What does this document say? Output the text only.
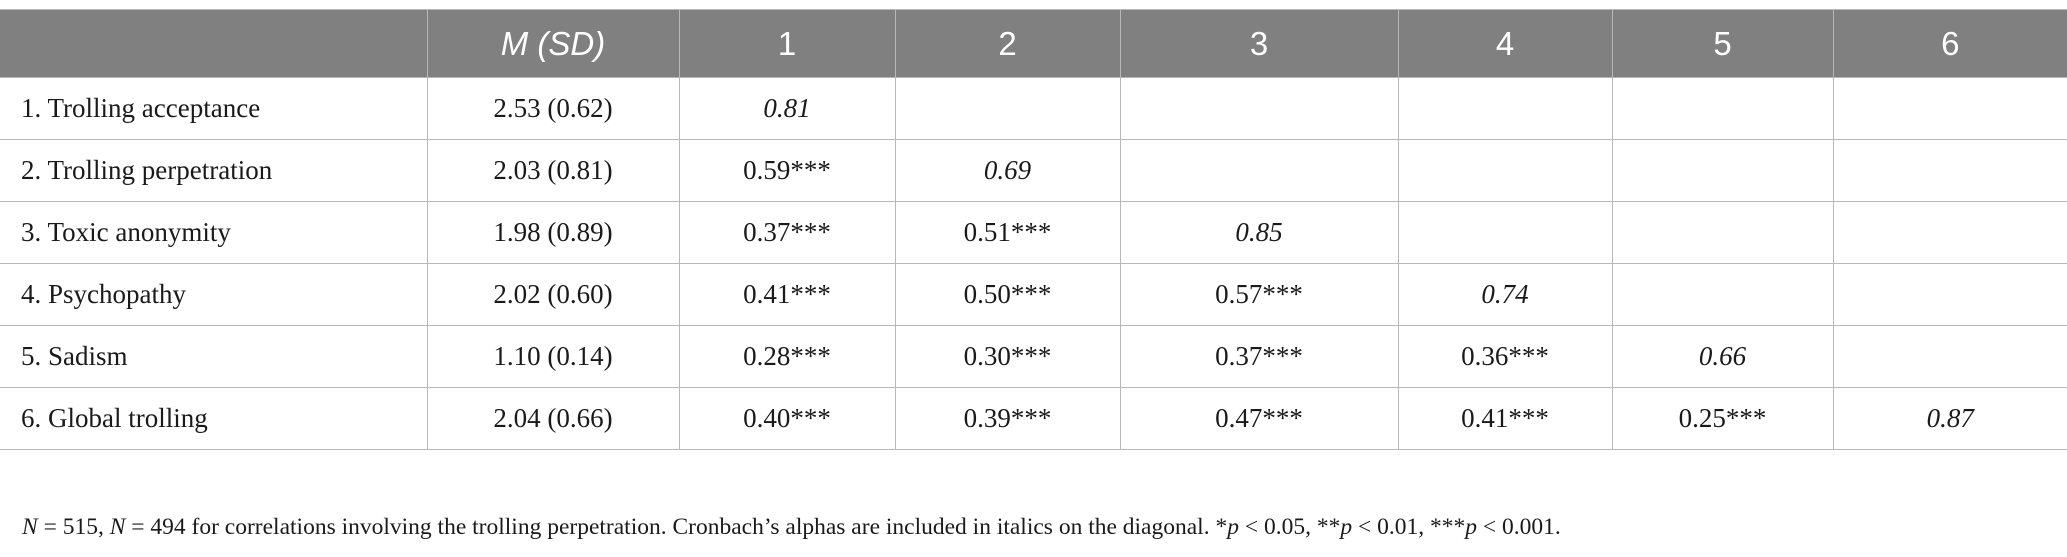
	M (SD)	1	2	3	4	5	6
1. Trolling acceptance	2.53 (0.62)	0.81					
2. Trolling perpetration	2.03 (0.81)	0.59***	0.69				
3. Toxic anonymity	1.98 (0.89)	0.37***	0.51***	0.85			
4. Psychopathy	2.02 (0.60)	0.41***	0.50***	0.57***	0.74		
5. Sadism	1.10 (0.14)	0.28***	0.30***	0.37***	0.36***	0.66	
6. Global trolling	2.04 (0.66)	0.40***	0.39***	0.47***	0.41***	0.25***	0.87
N = 515, N = 494 for correlations involving the trolling perpetration. Cronbach’s alphas are included in italics on the diagonal. *p < 0.05, **p < 0.01, ***p < 0.001.
